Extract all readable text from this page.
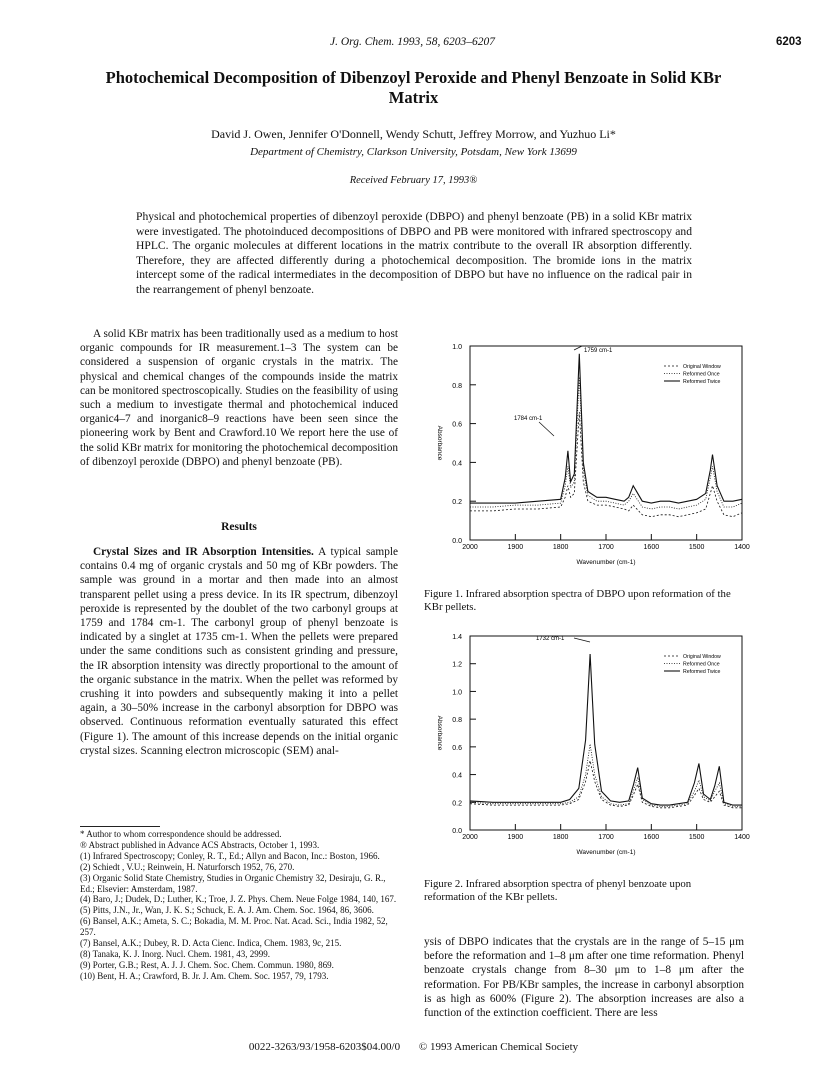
J. Org. Chem. 1993, 58, 6203–6207	6203
Photochemical Decomposition of Dibenzoyl Peroxide and Phenyl Benzoate in Solid KBr Matrix
David J. Owen, Jennifer O'Donnell, Wendy Schutt, Jeffrey Morrow, and Yuzhuo Li*
Department of Chemistry, Clarkson University, Potsdam, New York 13699
Received February 17, 1993®
Physical and photochemical properties of dibenzoyl peroxide (DBPO) and phenyl benzoate (PB) in a solid KBr matrix were investigated. The photoinduced decompositions of DBPO and PB were monitored with infrared spectroscopy and HPLC. The organic molecules at different locations in the matrix contribute to the overall IR absorption differently. Therefore, they are affected differently during a photochemical decomposition. The bromide ions in the matrix intercept some of the radical intermediates in the decomposition of DBPO but have no influence on the radical pair in the rearrangement of phenyl benzoate.

A solid KBr matrix has been traditionally used as a medium to host organic compounds for IR measurement.1–3 The system can be considered a suspension of organic crystals in the matrix. The physical and chemical changes of the compounds inside the matrix can be monitored spectroscopically. Studies on the feasibility of using such a medium to investigate thermal and photochemical induced organic4–7 and inorganic8–9 reactions have been seen since the pioneering work by Bent and Crawford.10 We report here the use of the solid KBr matrix for monitoring the photochemical decomposition of dibenzoyl peroxide (DBPO) and phenyl benzoate (PB).

Results

Crystal Sizes and IR Absorption Intensities. A typical sample contains 0.4 mg of organic crystals and 50 mg of KBr powders. The sample was ground in a mortar and then made into an almost transparent pellet using a press device. In its IR spectrum, dibenzoyl peroxide is represented by the doublet of the two carbonyl groups at 1759 and 1784 cm-1. The carbonyl group of phenyl benzoate is indicated by a singlet at 1735 cm-1. When the pellets were prepared under the same conditions such as consistent grinding and pressure, the IR absorption intensity was directly proportional to the amount of the organic substance in the matrix. When the pellet was reformed by crushing it into powders and subsequently making it into a pellet again, a 30–50% increase in the carbonyl absorption for DBPO was observed. Continuous reformation eventually saturated this effect (Figure 1). The amount of this increase depends on the initial organic crystal sizes. Scanning electron microscopic (SEM) anal-

* Author to whom correspondence should be addressed.
® Abstract published in Advance ACS Abstracts, October 1, 1993.
(1) Infrared Spectroscopy; Conley, R. T., Ed.; Allyn and Bacon, Inc.: Boston, 1966.
(2) Schiedt , V.U.; Reinwein, H. Naturforsch 1952, 76, 270.
(3) Organic Solid State Chemistry, Studies in Organic Chemistry 32, Desiraju, G. R., Ed.; Elsevier: Amsterdam, 1987.
(4) Baro, J.; Dudek, D.; Luther, K.; Troe, J. Z. Phys. Chem. Neue Folge 1984, 140, 167.
(5) Pitts, J.N., Jr., Wan, J. K. S.; Schuck, E. A. J. Am. Chem. Soc. 1964, 86, 3606.
(6) Bansel, A.K.; Ameta, S. C.; Bokadia, M. M. Proc. Nat. Acad. Sci., India 1982, 52, 257.
(7) Bansel, A.K.; Dubey, R. D. Acta Cienc. Indica, Chem. 1983, 9c, 215.
(8) Tanaka, K. J. Inorg. Nucl. Chem. 1981, 43, 2999.
(9) Porter, G.B.; Rest, A. J. J. Chem. Soc. Chem. Commun. 1980, 869.
(10) Bent, H. A.; Crawford, B. Jr. J. Am. Chem. Soc. 1957, 79, 1793.
0.0
0.2
0.4
0.6
0.8
1.0
2000	1900	1800	1700	1600	1500	1400
Wavenumber (cm-1)
Absorbance
Original Window
Reformed Once
Reformed Twice
1759 cm-1
1784 cm-1
Figure 1. Infrared absorption spectra of DBPO upon reformation of the KBr pellets.
0.0
0.2
0.4
0.6
0.8
1.0
1.2
1.4
2000	1900	1800	1700	1600	1500	1400
Wavenumber (cm-1)
Absorbance
Original Window
Reformed Once
Reformed Twice
1732 cm-1
Figure 2. Infrared absorption spectra of phenyl benzoate upon reformation of the KBr pellets.

ysis of DBPO indicates that the crystals are in the range of 5–15 μm before the reformation and 1–8 μm after one time reformation. Phenyl benzoate crystals change from 8–30 μm to 1–8 μm after the reformation. For PB/KBr samples, the increase in carbonyl absorption is as high as 600% (Figure 2). The absorption increases are also a function of the extinction coefficient. There are less

0022-3263/93/1958-6203$04.00/0 © 1993 American Chemical Society
